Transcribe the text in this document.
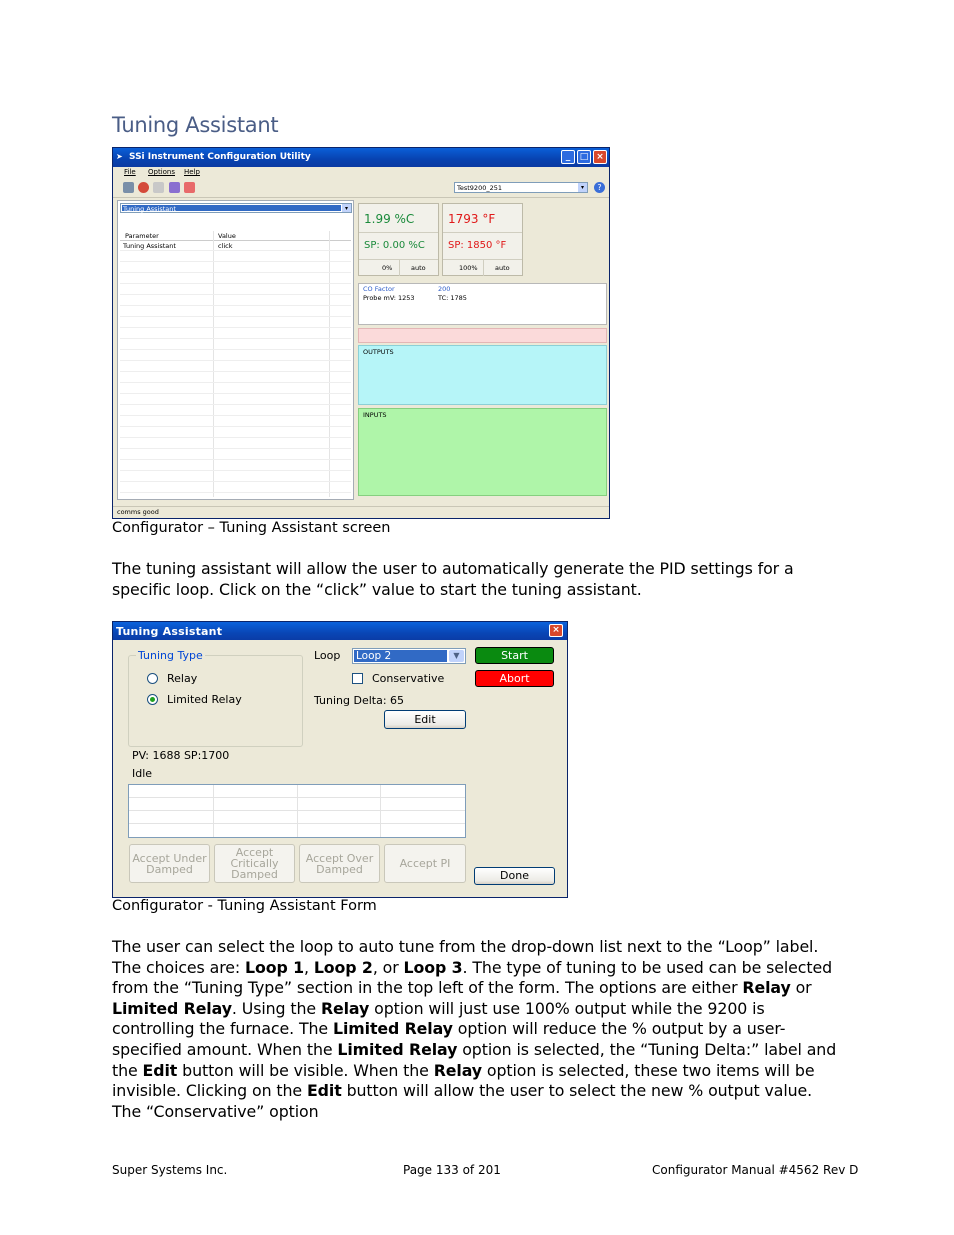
Tuning Assistant
➤ SSi Instrument Configuration Utility	_	□ ×
File Options Help
Test9200_251	▾	?
Tuning Assistant	▾
Parameter	Value
Tuning Assistant	click
1.99 %C
SP: 0.00 %C
0%	auto
1793 °F
SP: 1850 °F
100%	auto
CO Factor	200
Probe mV: 1253	TC: 1785
OUTPUTS
INPUTS
comms good
Configurator – Tuning Assistant screen
The tuning assistant will allow the user to automatically generate the PID settings for a specific loop. Click on the “click” value to start the tuning assistant.
Tuning Assistant	×
Tuning Type
Relay
Limited Relay
Loop Loop 2	▼
Conservative
Tuning Delta: 65
Edit
Start
Abort
PV: 1688 SP:1700
Idle
Accept Under Damped
Accept Critically Damped
Accept Over Damped	Accept PI
Done
Configurator - Tuning Assistant Form
The user can select the loop to auto tune from the drop-down list next to the “Loop” label. The choices are: Loop 1, Loop 2, or Loop 3. The type of tuning to be used can be selected from the “Tuning Type” section in the top left of the form. The options are either Relay or Limited Relay. Using the Relay option will just use 100% output while the 9200 is controlling the furnace. The Limited Relay option will reduce the % output by a user-specified amount. When the Limited Relay option is selected, the “Tuning Delta:” label and the Edit button will be visible. When the Relay option is selected, these two items will be invisible. Clicking on the Edit button will allow the user to select the new % output value. The “Conservative” option
Super Systems Inc.	Page 133 of 201	Configurator Manual #4562 Rev D
